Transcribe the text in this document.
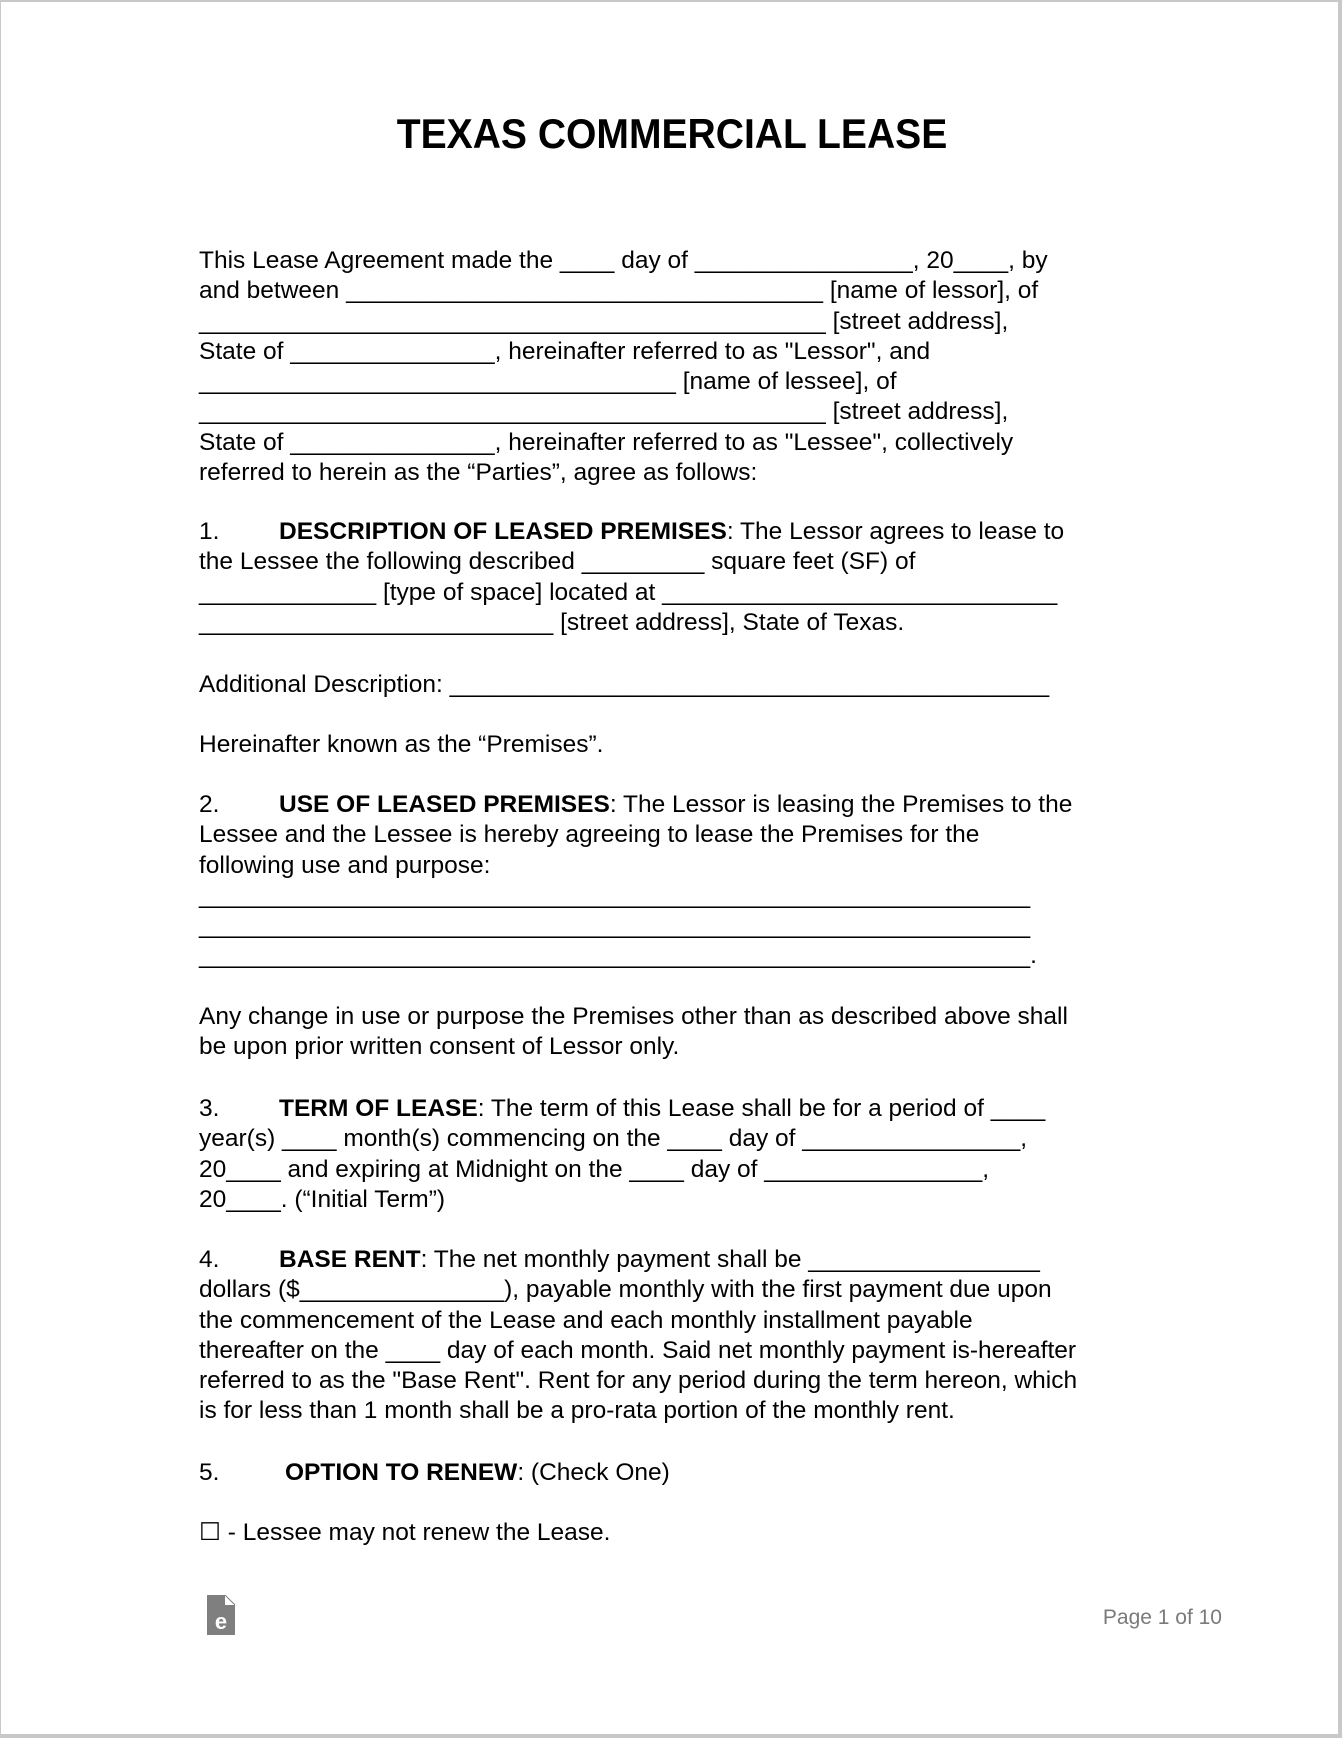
TEXAS COMMERCIAL LEASE
This Lease Agreement made the ____ day of ________________, 20____, by
and between ___________________________________ [name of lessor], of
______________________________________________ [street address],
State of _______________, hereinafter referred to as "Lessor", and
___________________________________ [name of lessee], of
______________________________________________ [street address],
State of _______________, hereinafter referred to as "Lessee", collectively
referred to herein as the “Parties”, agree as follows:
1. DESCRIPTION OF LEASED PREMISES: The Lessor agrees to lease to
the Lessee the following described _________ square feet (SF) of
_____________ [type of space] located at _____________________________
__________________________ [street address], State of Texas.
Additional Description: ____________________________________________
Hereinafter known as the “Premises”.
2. USE OF LEASED PREMISES: The Lessor is leasing the Premises to the
Lessee and the Lessee is hereby agreeing to lease the Premises for the
following use and purpose:
_____________________________________________________________
_____________________________________________________________
_____________________________________________________________.
Any change in use or purpose the Premises other than as described above shall
be upon prior written consent of Lessor only.
3. TERM OF LEASE: The term of this Lease shall be for a period of ____
year(s) ____ month(s) commencing on the ____ day of ________________,
20____ and expiring at Midnight on the ____ day of ________________,
20____. (“Initial Term”)
4. BASE RENT: The net monthly payment shall be _________________
dollars ($_______________), payable monthly with the first payment due upon
the commencement of the Lease and each monthly installment payable
thereafter on the ____ day of each month. Said net monthly payment is-hereafter
referred to as the "Base Rent". Rent for any period during the term hereon, which
is for less than 1 month shall be a pro-rata portion of the monthly rent.
5.	OPTION TO RENEW: (Check One)
☐ - Lessee may not renew the Lease.
e	Page 1 of 10
